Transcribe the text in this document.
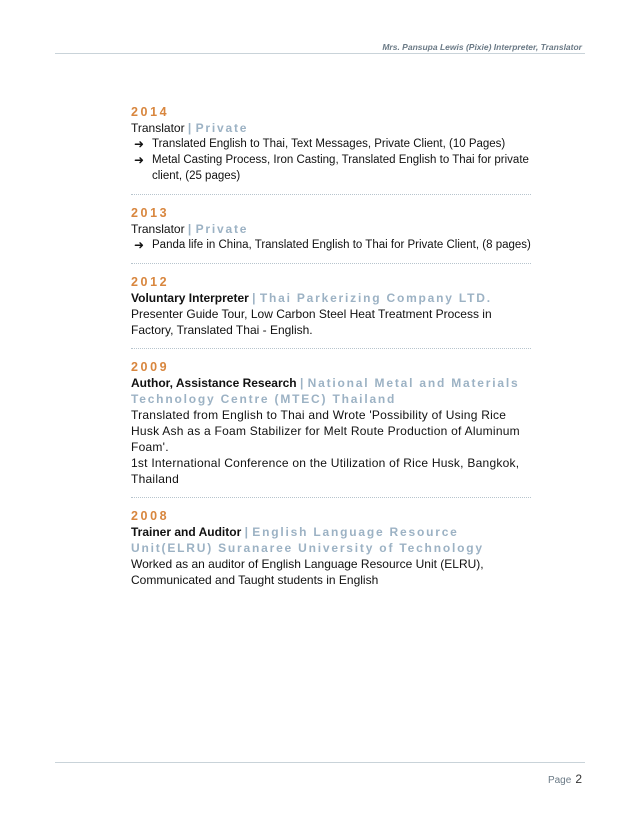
Mrs. Pansupa Lewis (Pixie) Interpreter, Translator
2014
Translator | Private
➜ Translated English to Thai, Text Messages, Private Client, (10 Pages)
➜ Metal Casting Process, Iron Casting, Translated English to Thai for private client, (25 pages)
2013
Translator | Private
➜ Panda life in China, Translated English to Thai for Private Client, (8 pages)
2012
Voluntary Interpreter | Thai Parkerizing Company LTD.
Presenter Guide Tour, Low Carbon Steel Heat Treatment Process in Factory, Translated Thai - English.
2009
Author, Assistance Research | National Metal and Materials Technology Centre (MTEC) Thailand
Translated from English to Thai and Wrote 'Possibility of Using Rice Husk Ash as a Foam Stabilizer for Melt Route Production of Aluminum Foam'.
1st International Conference on the Utilization of Rice Husk, Bangkok, Thailand
2008
Trainer and Auditor | English Language Resource Unit(ELRU) Suranaree University of Technology
Worked as an auditor of English Language Resource Unit (ELRU), Communicated and Taught students in English
Page 2
